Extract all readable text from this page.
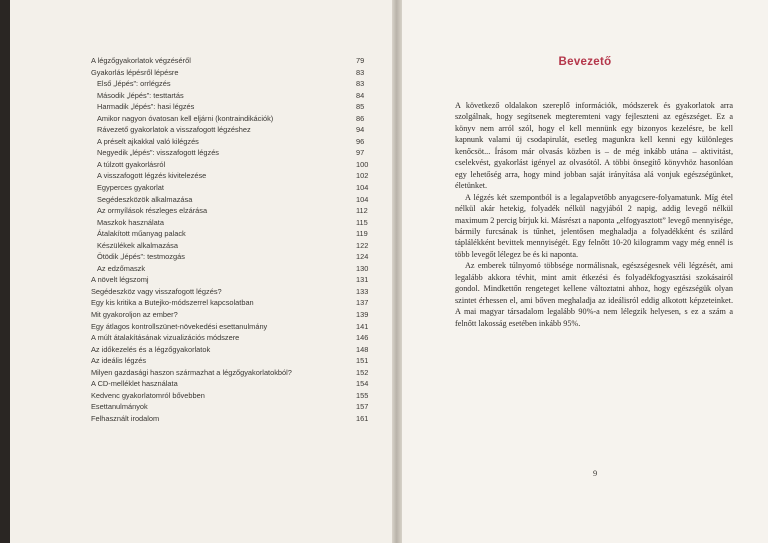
A légzőgyakorlatok végzéséről	79
Gyakorlás lépésről lépésre	83
Első „lépés”: orrlégzés	83
Második „lépés”: testtartás	84
Harmadik „lépés”: hasi légzés	85
Amikor nagyon óvatosan kell eljárni (kontraindikációk)	86
Rávezető gyakorlatok a visszafogott légzéshez	94
A préselt ajkakkal való kilégzés	96
Negyedik „lépés”: visszafogott légzés	97
A túlzott gyakorlásról	100
A visszafogott légzés kivitelezése	102
Egyperces gyakorlat	104
Segédeszközök alkalmazása	104
Az ormyílások részleges elzárása	112
Maszkok használata	115
Átalakított műanyag palack	119
Készülékek alkalmazása	122
Ötödik „lépés”: testmozgás	124
Az edzőmaszk	130
A növelt légszomj	131
Segédeszköz vagy visszafogott légzés?	133
Egy kis kritika a Butejko-módszerrel kapcsolatban	137
Mit gyakoroljon az ember?	139
Egy átlagos kontrollszünet-növekedési esettanulmány	141
A múlt átalakításának vizualizációs módszere	146
Az időkezelés és a légzőgyakorlatok	148
Az ideális légzés	151
Milyen gazdasági haszon származhat a légzőgyakorlatokból?	152
A CD-melléklet használata	154
Kedvenc gyakorlatomról bővebben	155
Esettanulmányok	157
Felhasznált irodalom	161
Bevezető

A következő oldalakon szereplő információk, módszerek és gyakorlatok arra szolgálnak, hogy segítsenek megteremteni vagy fejleszteni az egészséget. Ez a könyv nem arról szól, hogy el kell mennünk egy bizonyos kezelésre, be kell kapnunk valami új csodapirulát, esetleg magunkra kell kenni egy különleges kenőcsöt... Írásom már olvasás közben is – de még inkább utána – aktivitást, cselekvést, gyakorlást igényel az olvasótól. A többi önsegítő könyvhöz hasonlóan egy lehetőség arra, hogy mind jobban saját irányítása alá vonjuk egészségünket, életünket.

A légzés két szempontból is a legalapvetőbb anyagcsere-folyamatunk. Míg étel nélkül akár hetekig, folyadék nélkül nagyjából 2 napig, addig levegő nélkül maximum 2 percig bírjuk ki. Másrészt a naponta „elfogyasztott” levegő mennyisége, bármily furcsának is tűnhet, jelentősen meghaladja a folyadékként és szilárd táplálékként bevittek mennyiségét. Egy felnőtt 10-20 kilogramm vagy még ennél is több levegőt lélegez be és ki naponta.

Az emberek túlnyomó többsége normálisnak, egészségesnek véli légzését, ami legalább akkora tévhit, mint amit étkezési és folyadékfogyasztási szokásairól gondol. Mindkettőn rengeteget kellene változtatni ahhoz, hogy egészségük olyan szintet érhessen el, ami bőven meghaladja az ideálisról eddig alkotott képzeteinket. A mai magyar társadalom legalább 90%-a nem lélegzik helyesen, s ez a szám a felnőtt lakosság esetében inkább 95%.

9
